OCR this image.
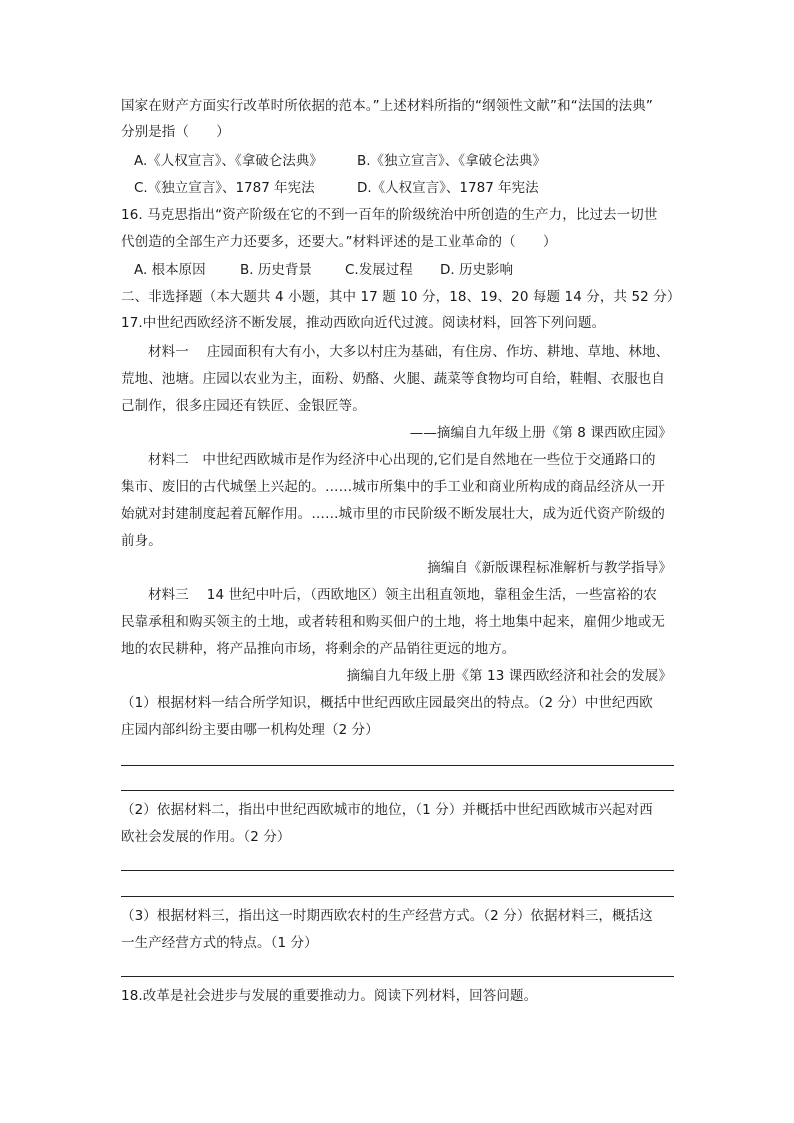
国家在财产方面实行改革时所依据的范本。”上述材料所指的“纲领性文献”和“法国的法典”
分别是指（　　）
A.《人权宣言》、《拿破仑法典》	B.《独立宣言》、《拿破仑法典》
C.《独立宣言》、1787 年宪法	D.《人权宣言》、1787 年宪法
16. 马克思指出“资产阶级在它的不到一百年的阶级统治中所创造的生产力，比过去一切世
代创造的全部生产力还要多，还要大。”材料评述的是工业革命的（　　）
A. 根本原因	B. 历史背景 C.发展过程 D. 历史影响
二、非选择题（本大题共 4 小题，其中 17 题 10 分，18、19、20 每题 14 分，共 52 分）
17.中世纪西欧经济不断发展，推动西欧向近代过渡。阅读材料，回答下列问题。
材料一　 庄园面积有大有小，大多以村庄为基础，有住房、作坊、耕地、草地、林地、
荒地、池塘。庄园以农业为主，面粉、奶酪、火腿、蔬菜等食物均可自给，鞋帽、衣服也自
己制作，很多庄园还有铁匠、金银匠等。
——摘编自九年级上册《第 8 课西欧庄园》
材料二　中世纪西欧城市是作为经济中心出现的,它们是自然地在一些位于交通路口的
集市、废旧的古代城堡上兴起的。……城市所集中的手工业和商业所构成的商品经济从一开
始就对封建制度起着瓦解作用。……城市里的市民阶级不断发展壮大，成为近代资产阶级的
前身。
摘编自《新版课程标准解析与教学指导》
材料三　 14 世纪中叶后，（西欧地区）领主出租直领地，靠租金生活，一些富裕的农
民靠承租和购买领主的土地，或者转租和购买佃户的土地，将土地集中起来，雇佣少地或无
地的农民耕种，将产品推向市场，将剩余的产品销往更远的地方。
摘编自九年级上册《第 13 课西欧经济和社会的发展》
（1）根据材料一结合所学知识，概括中世纪西欧庄园最突出的特点。（2 分）中世纪西欧
庄园内部纠纷主要由哪一机构处理（2 分）
（2）依据材料二，指出中世纪西欧城市的地位，（1 分）并概括中世纪西欧城市兴起对西
欧社会发展的作用。（2 分）
（3）根据材料三，指出这一时期西欧农村的生产经营方式。（2 分）依据材料三，概括这
一生产经营方式的特点。（1 分）
18.改革是社会进步与发展的重要推动力。阅读下列材料，回答问题。
